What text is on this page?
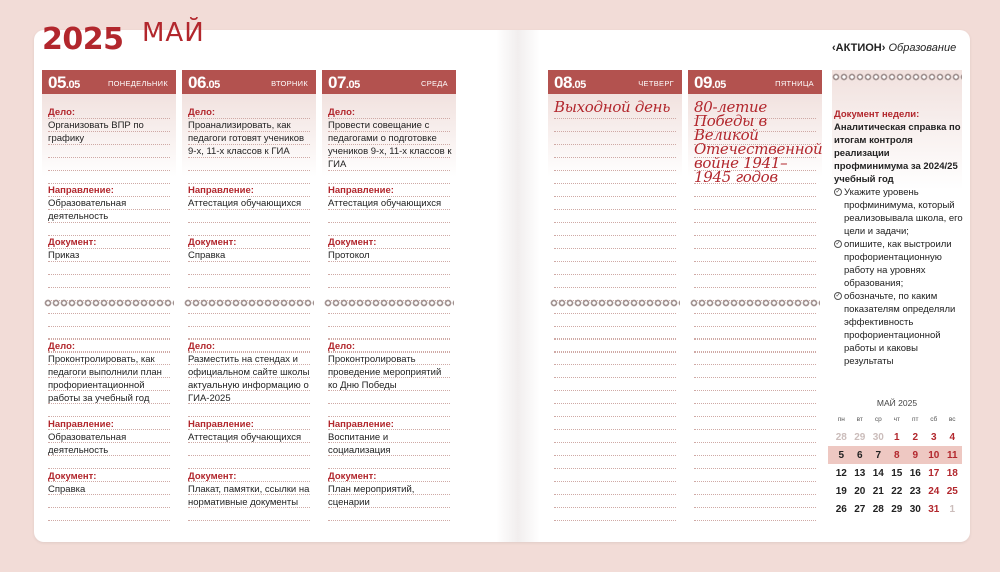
2025 МАЙ	‹АКТИОН› Образование
05.05	ПОНЕДЕЛЬНИК
Дело:
Организовать ВПР по графику
Направление:
Образовательная деятельность
Документ:
Приказ
Дело:
Проконтролировать, как педагоги выполнили план профориентационной работы за учебный год
Направление:
Образовательная деятельность
Документ:
Справка
06.05	ВТОРНИК
Дело:
Проанализировать, как педагоги готовят учеников 9-х, 11-х классов к ГИА
Направление:
Аттестация обучающихся
Документ:
Справка
Дело:
Разместить на стендах и официальном сайте школы актуальную информацию о ГИА-2025
Направление:
Аттестация обучающихся
Документ:
Плакат, памятки, ссылки на нормативные документы
07.05	СРЕДА
Дело:
Провести совещание с педагогами о подготовке учеников 9-х, 11-х классов к ГИА
Направление:
Аттестация обучающихся
Документ:
Протокол
Дело:
Проконтролировать проведение мероприятий ко Дню Победы
Направление:
Воспитание и социализация
Документ:
План мероприятий, сценарии
08.05	ЧЕТВЕРГ
Выходной день
09.05	ПЯТНИЦА
80-летие Победы в Великой Отечественной войне 1941–1945 годов
Документ недели:
Аналитическая справка по итогам контроля реализации профминимума за 2024/25 учебный год
✓ Укажите уровень профминимума, который реализовывала школа, его цели и задачи;
✓ опишите, как выстроили профориентационную работу на уровнях образования;
✓ обозначьте, по каким показателям определяли эффективность профориентационной работы и каковы результаты
МАЙ 2025
пн	вт	ср	чт	пт	сб	вс
28 29 30	1	2	3	4
5	6	7	8	9	10 11
12 13 14 15 16 17 18
19 20 21 22 23 24 25
26 27 28 29 30 31	1
